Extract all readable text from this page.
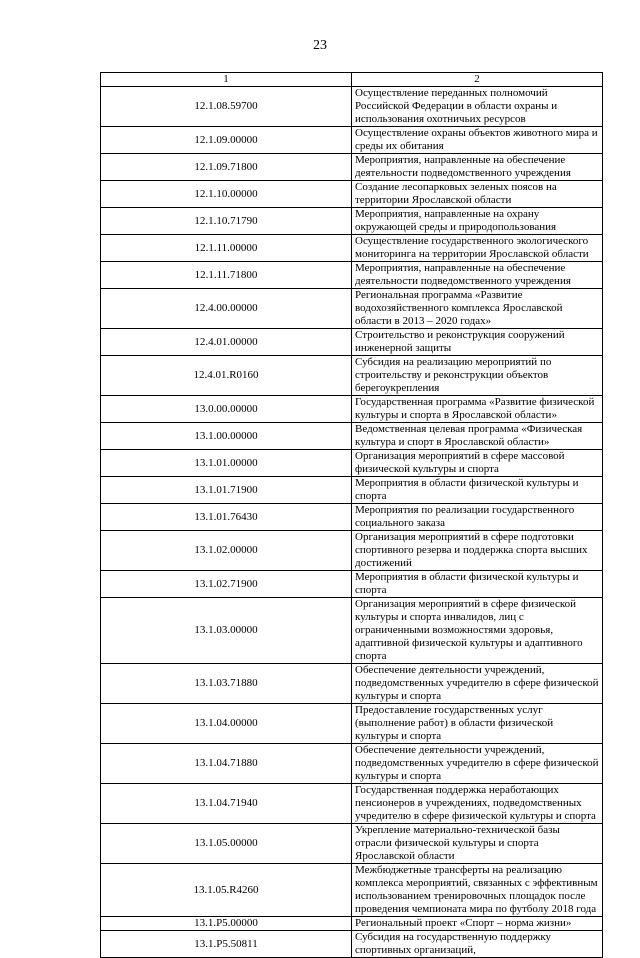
23
1	2
12.1.08.59700	Осуществление переданных полномочий Российской Федерации в области охраны и использования охотничьих ресурсов
12.1.09.00000	Осуществление охраны объектов животного мира и среды их обитания
12.1.09.71800	Мероприятия, направленные на обеспечение деятельности подведомственного учреждения
12.1.10.00000	Создание лесопарковых зеленых поясов на территории Ярославской области
12.1.10.71790	Мероприятия, направленные на охрану окружающей среды и природопользования
12.1.11.00000	Осуществление государственного экологического мониторинга на территории Ярославской области
12.1.11.71800	Мероприятия, направленные на обеспечение деятельности подведомственного учреждения
12.4.00.00000	Региональная программа «Развитие водохозяйственного комплекса Ярославской области в 2013 – 2020 годах»
12.4.01.00000	Строительство и реконструкция сооружений инженерной защиты
12.4.01.R0160	Субсидия на реализацию мероприятий по строительству и реконструкции объектов берегоукрепления
13.0.00.00000	Государственная программа «Развитие физической культуры и спорта в Ярославской области»
13.1.00.00000	Ведомственная целевая программа «Физическая культура и спорт в Ярославской области»
13.1.01.00000	Организация мероприятий в сфере массовой физической культуры и спорта
13.1.01.71900	Мероприятия в области физической культуры и спорта
13.1.01.76430	Мероприятия по реализации государственного социального заказа
13.1.02.00000	Организация мероприятий в сфере подготовки спортивного резерва и поддержка спорта высших достижений
13.1.02.71900	Мероприятия в области физической культуры и спорта
13.1.03.00000	Организация мероприятий в сфере физической культуры и спорта инвалидов, лиц с ограниченными возможностями здоровья, адаптивной физической культуры и адаптивного спорта
13.1.03.71880	Обеспечение деятельности учреждений, подведомственных учредителю в сфере физической культуры и спорта
13.1.04.00000	Предоставление государственных услуг (выполнение работ) в области физической культуры и спорта
13.1.04.71880	Обеспечение деятельности учреждений, подведомственных учредителю в сфере физической культуры и спорта
13.1.04.71940	Государственная поддержка неработающих пенсионеров в учреждениях, подведомственных учредителю в сфере физической культуры и спорта
13.1.05.00000	Укрепление материально-технической базы отрасли физической культуры и спорта Ярославской области
13.1.05.R4260	Межбюджетные трансферты на реализацию комплекса мероприятий, связанных с эффективным использованием тренировочных площадок после проведения чемпионата мира по футболу 2018 года
13.1.P5.00000	Региональный проект «Спорт – норма жизни»
13.1.P5.50811	Субсидия на государственную поддержку спортивных организаций,
